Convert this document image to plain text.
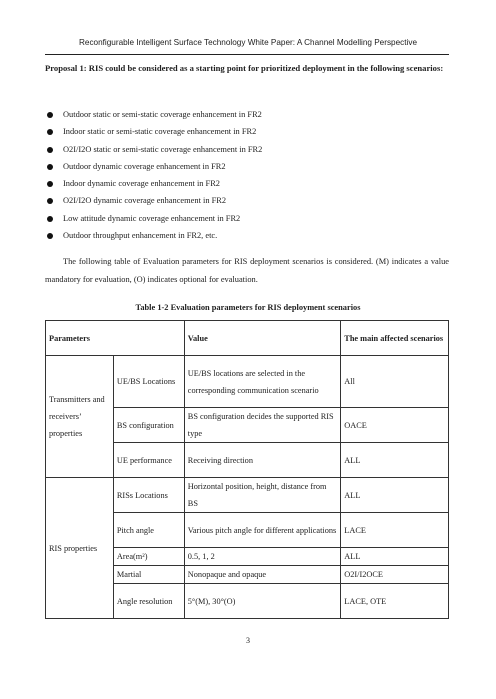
Reconfigurable Intelligent Surface Technology White Paper: A Channel Modelling Perspective

Proposal 1: RIS could be considered as a starting point for prioritized deployment in the following scenarios:

Outdoor static or semi-static coverage enhancement in FR2
Indoor static or semi-static coverage enhancement in FR2
O2I/I2O static or semi-static coverage enhancement in FR2
Outdoor dynamic coverage enhancement in FR2
Indoor dynamic coverage enhancement in FR2
O2I/I2O dynamic coverage enhancement in FR2
Low attitude dynamic coverage enhancement in FR2
Outdoor throughput enhancement in FR2, etc.

The following table of Evaluation parameters for RIS deployment scenarios is considered. (M) indicates a value mandatory for evaluation, (O) indicates optional for evaluation.

Table 1-2 Evaluation parameters for RIS deployment scenarios
Parameters		Value	The main affected scenarios
Transmitters and receivers’ properties	UE/BS Locations	UE/BS locations are selected in the corresponding communication scenario	All
	BS configuration	BS configuration decides the supported RIS type	OACE
	UE performance	Receiving direction	ALL
RIS properties	RISs Locations	Horizontal position, height, distance from BS	ALL
	Pitch angle	Various pitch angle for different applications	LACE
	Area(m²)	0.5, 1, 2	ALL
	Martial	Nonopaque and opaque	O2I/I2OCE
	Angle resolution	5°(M), 30°(O)	LACE, OTE
3
